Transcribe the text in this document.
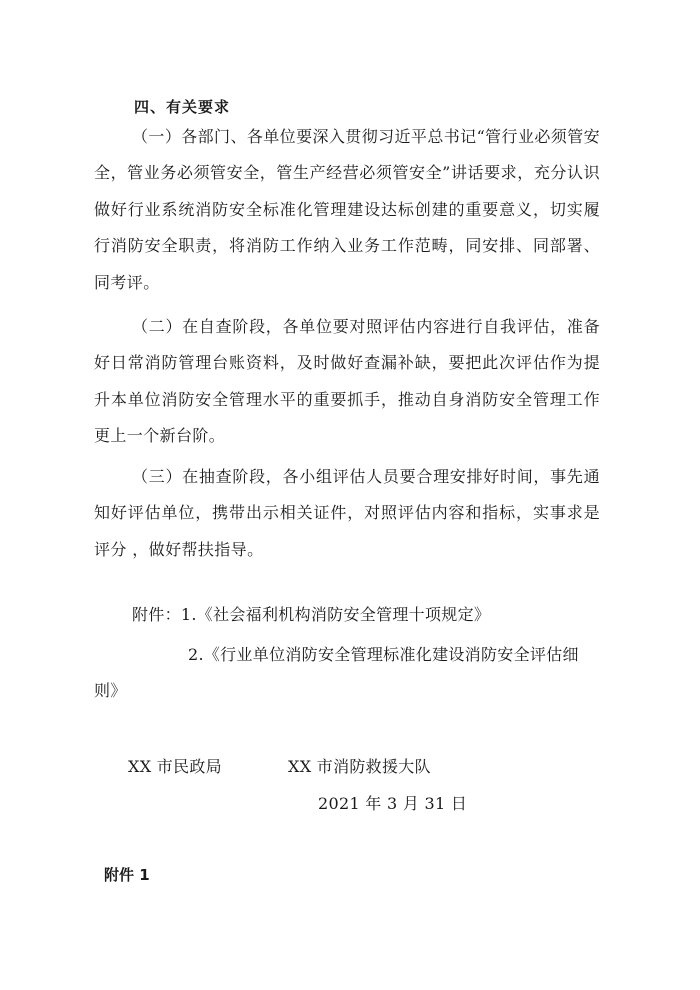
四、有关要求

（一）各部门、各单位要深入贯彻习近平总书记“管行业必须管安全，管业务必须管安全，管生产经营必须管安全”讲话要求，充分认识做好行业系统消防安全标准化管理建设达标创建的重要意义，切实履行消防安全职责，将消防工作纳入业务工作范畴，同安排、同部署、同考评。

（二）在自查阶段，各单位要对照评估内容进行自我评估，准备好日常消防管理台账资料，及时做好查漏补缺，要把此次评估作为提升本单位消防安全管理水平的重要抓手，推动自身消防安全管理工作更上一个新台阶。

（三）在抽查阶段，各小组评估人员要合理安排好时间，事先通知好评估单位，携带出示相关证件，对照评估内容和指标，实事求是评分 ，做好帮扶指导。

附件：1.《社会福利机构消防安全管理十项规定》

2.《行业单位消防安全管理标准化建设消防安全评估细则》

XX 市民政局	XX 市消防救援大队
2021 年 3 月 31 日
附件 1
